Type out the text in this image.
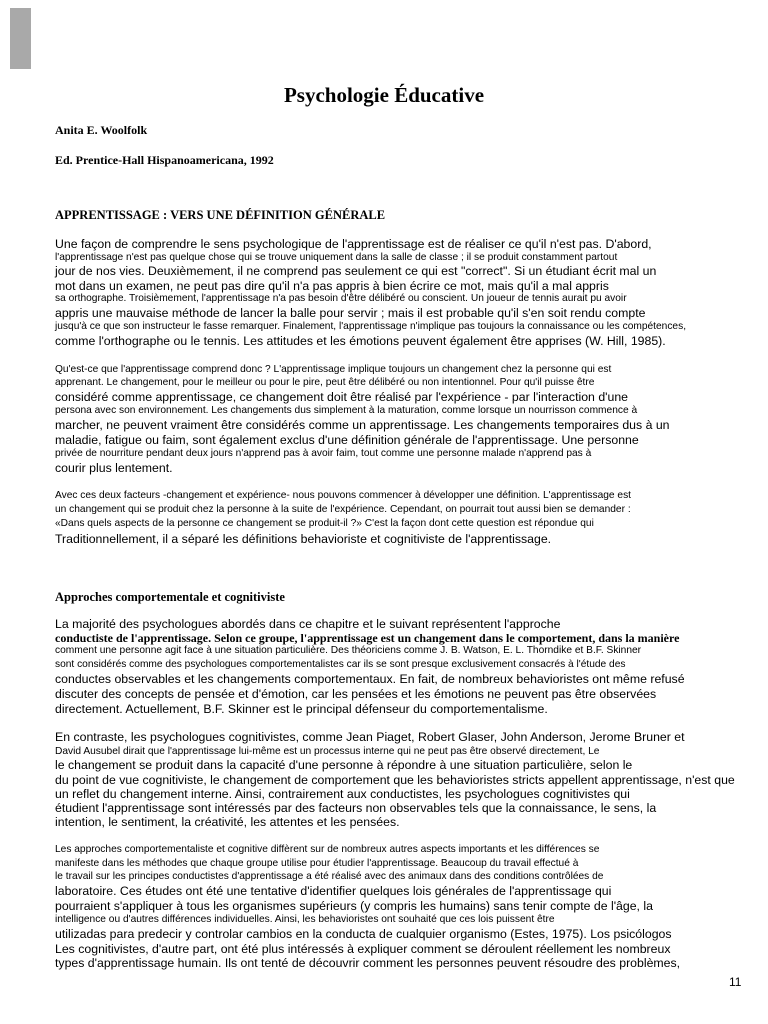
Psychologie Éducative
Anita E. Woolfolk
Ed. Prentice-Hall Hispanoamericana, 1992
APPRENTISSAGE : VERS UNE DÉFINITION GÉNÉRALE
Une façon de comprendre le sens psychologique de l'apprentissage est de réaliser ce qu'il n'est pas. D'abord,
l'apprentissage n'est pas quelque chose qui se trouve uniquement dans la salle de classe ; il se produit constamment partout
jour de nos vies. Deuxièmement, il ne comprend pas seulement ce qui est "correct". Si un étudiant écrit mal un
mot dans un examen, ne peut pas dire qu'il n'a pas appris à bien écrire ce mot, mais qu'il a mal appris
sa orthographe. Troisièmement, l'apprentissage n'a pas besoin d'être délibéré ou conscient. Un joueur de tennis aurait pu avoir
appris une mauvaise méthode de lancer la balle pour servir ; mais il est probable qu'il s'en soit rendu compte
jusqu'à ce que son instructeur le fasse remarquer. Finalement, l'apprentissage n'implique pas toujours la connaissance ou les compétences,
comme l'orthographe ou le tennis. Les attitudes et les émotions peuvent également être apprises (W. Hill, 1985).
Qu'est-ce que l'apprentissage comprend donc ? L'apprentissage implique toujours un changement chez la personne qui est
apprenant. Le changement, pour le meilleur ou pour le pire, peut être délibéré ou non intentionnel. Pour qu'il puisse être
considéré comme apprentissage, ce changement doit être réalisé par l'expérience - par l'interaction d'une
persona avec son environnement. Les changements dus simplement à la maturation, comme lorsque un nourrisson commence à
marcher, ne peuvent vraiment être considérés comme un apprentissage. Les changements temporaires dus à un
maladie, fatigue ou faim, sont également exclus d'une définition générale de l'apprentissage. Une personne
privée de nourriture pendant deux jours n'apprend pas à avoir faim, tout comme une personne malade n'apprend pas à
courir plus lentement.
Avec ces deux facteurs -changement et expérience- nous pouvons commencer à développer une définition. L'apprentissage est
un changement qui se produit chez la personne à la suite de l'expérience. Cependant, on pourrait tout aussi bien se demander :
«Dans quels aspects de la personne ce changement se produit-il ?» C'est la façon dont cette question est répondue qui
Traditionnellement, il a séparé les définitions behavioriste et cognitiviste de l'apprentissage.
Approches comportementale et cognitiviste
La majorité des psychologues abordés dans ce chapitre et le suivant représentent l'approche
conductiste de l'apprentissage. Selon ce groupe, l'apprentissage est un changement dans le comportement, dans la manière
comment une personne agit face à une situation particulière. Des théoriciens comme J. B. Watson, E. L. Thorndike et B.F. Skinner
sont considérés comme des psychologues comportementalistes car ils se sont presque exclusivement consacrés à l'étude des
conductes observables et les changements comportementaux. En fait, de nombreux behavioristes ont même refusé
discuter des concepts de pensée et d'émotion, car les pensées et les émotions ne peuvent pas être observées
directement. Actuellement, B.F. Skinner est le principal défenseur du comportementalisme.
En contraste, les psychologues cognitivistes, comme Jean Piaget, Robert Glaser, John Anderson, Jerome Bruner et
David Ausubel dirait que l'apprentissage lui-même est un processus interne qui ne peut pas être observé directement, Le
le changement se produit dans la capacité d'une personne à répondre à une situation particulière, selon le
du point de vue cognitiviste, le changement de comportement que les behavioristes stricts appellent apprentissage, n'est que
un reflet du changement interne. Ainsi, contrairement aux conductistes, les psychologues cognitivistes qui
étudient l'apprentissage sont intéressés par des facteurs non observables tels que la connaissance, le sens, la
intention, le sentiment, la créativité, les attentes et les pensées.
Les approches comportementaliste et cognitive diffèrent sur de nombreux autres aspects importants et les différences se
manifeste dans les méthodes que chaque groupe utilise pour étudier l'apprentissage. Beaucoup du travail effectué à
le travail sur les principes conductistes d'apprentissage a été réalisé avec des animaux dans des conditions contrôlées de
laboratoire. Ces études ont été une tentative d'identifier quelques lois générales de l'apprentissage qui
pourraient s'appliquer à tous les organismes supérieurs (y compris les humains) sans tenir compte de l'âge, la
intelligence ou d'autres différences individuelles. Ainsi, les behavioristes ont souhaité que ces lois puissent être
utilizadas para predecir y controlar cambios en la conducta de cualquier organismo (Estes, 1975). Los psicólogos
Les cognitivistes, d'autre part, ont été plus intéressés à expliquer comment se déroulent réellement les nombreux
types d'apprentissage humain. Ils ont tenté de découvrir comment les personnes peuvent résoudre des problèmes,
11
